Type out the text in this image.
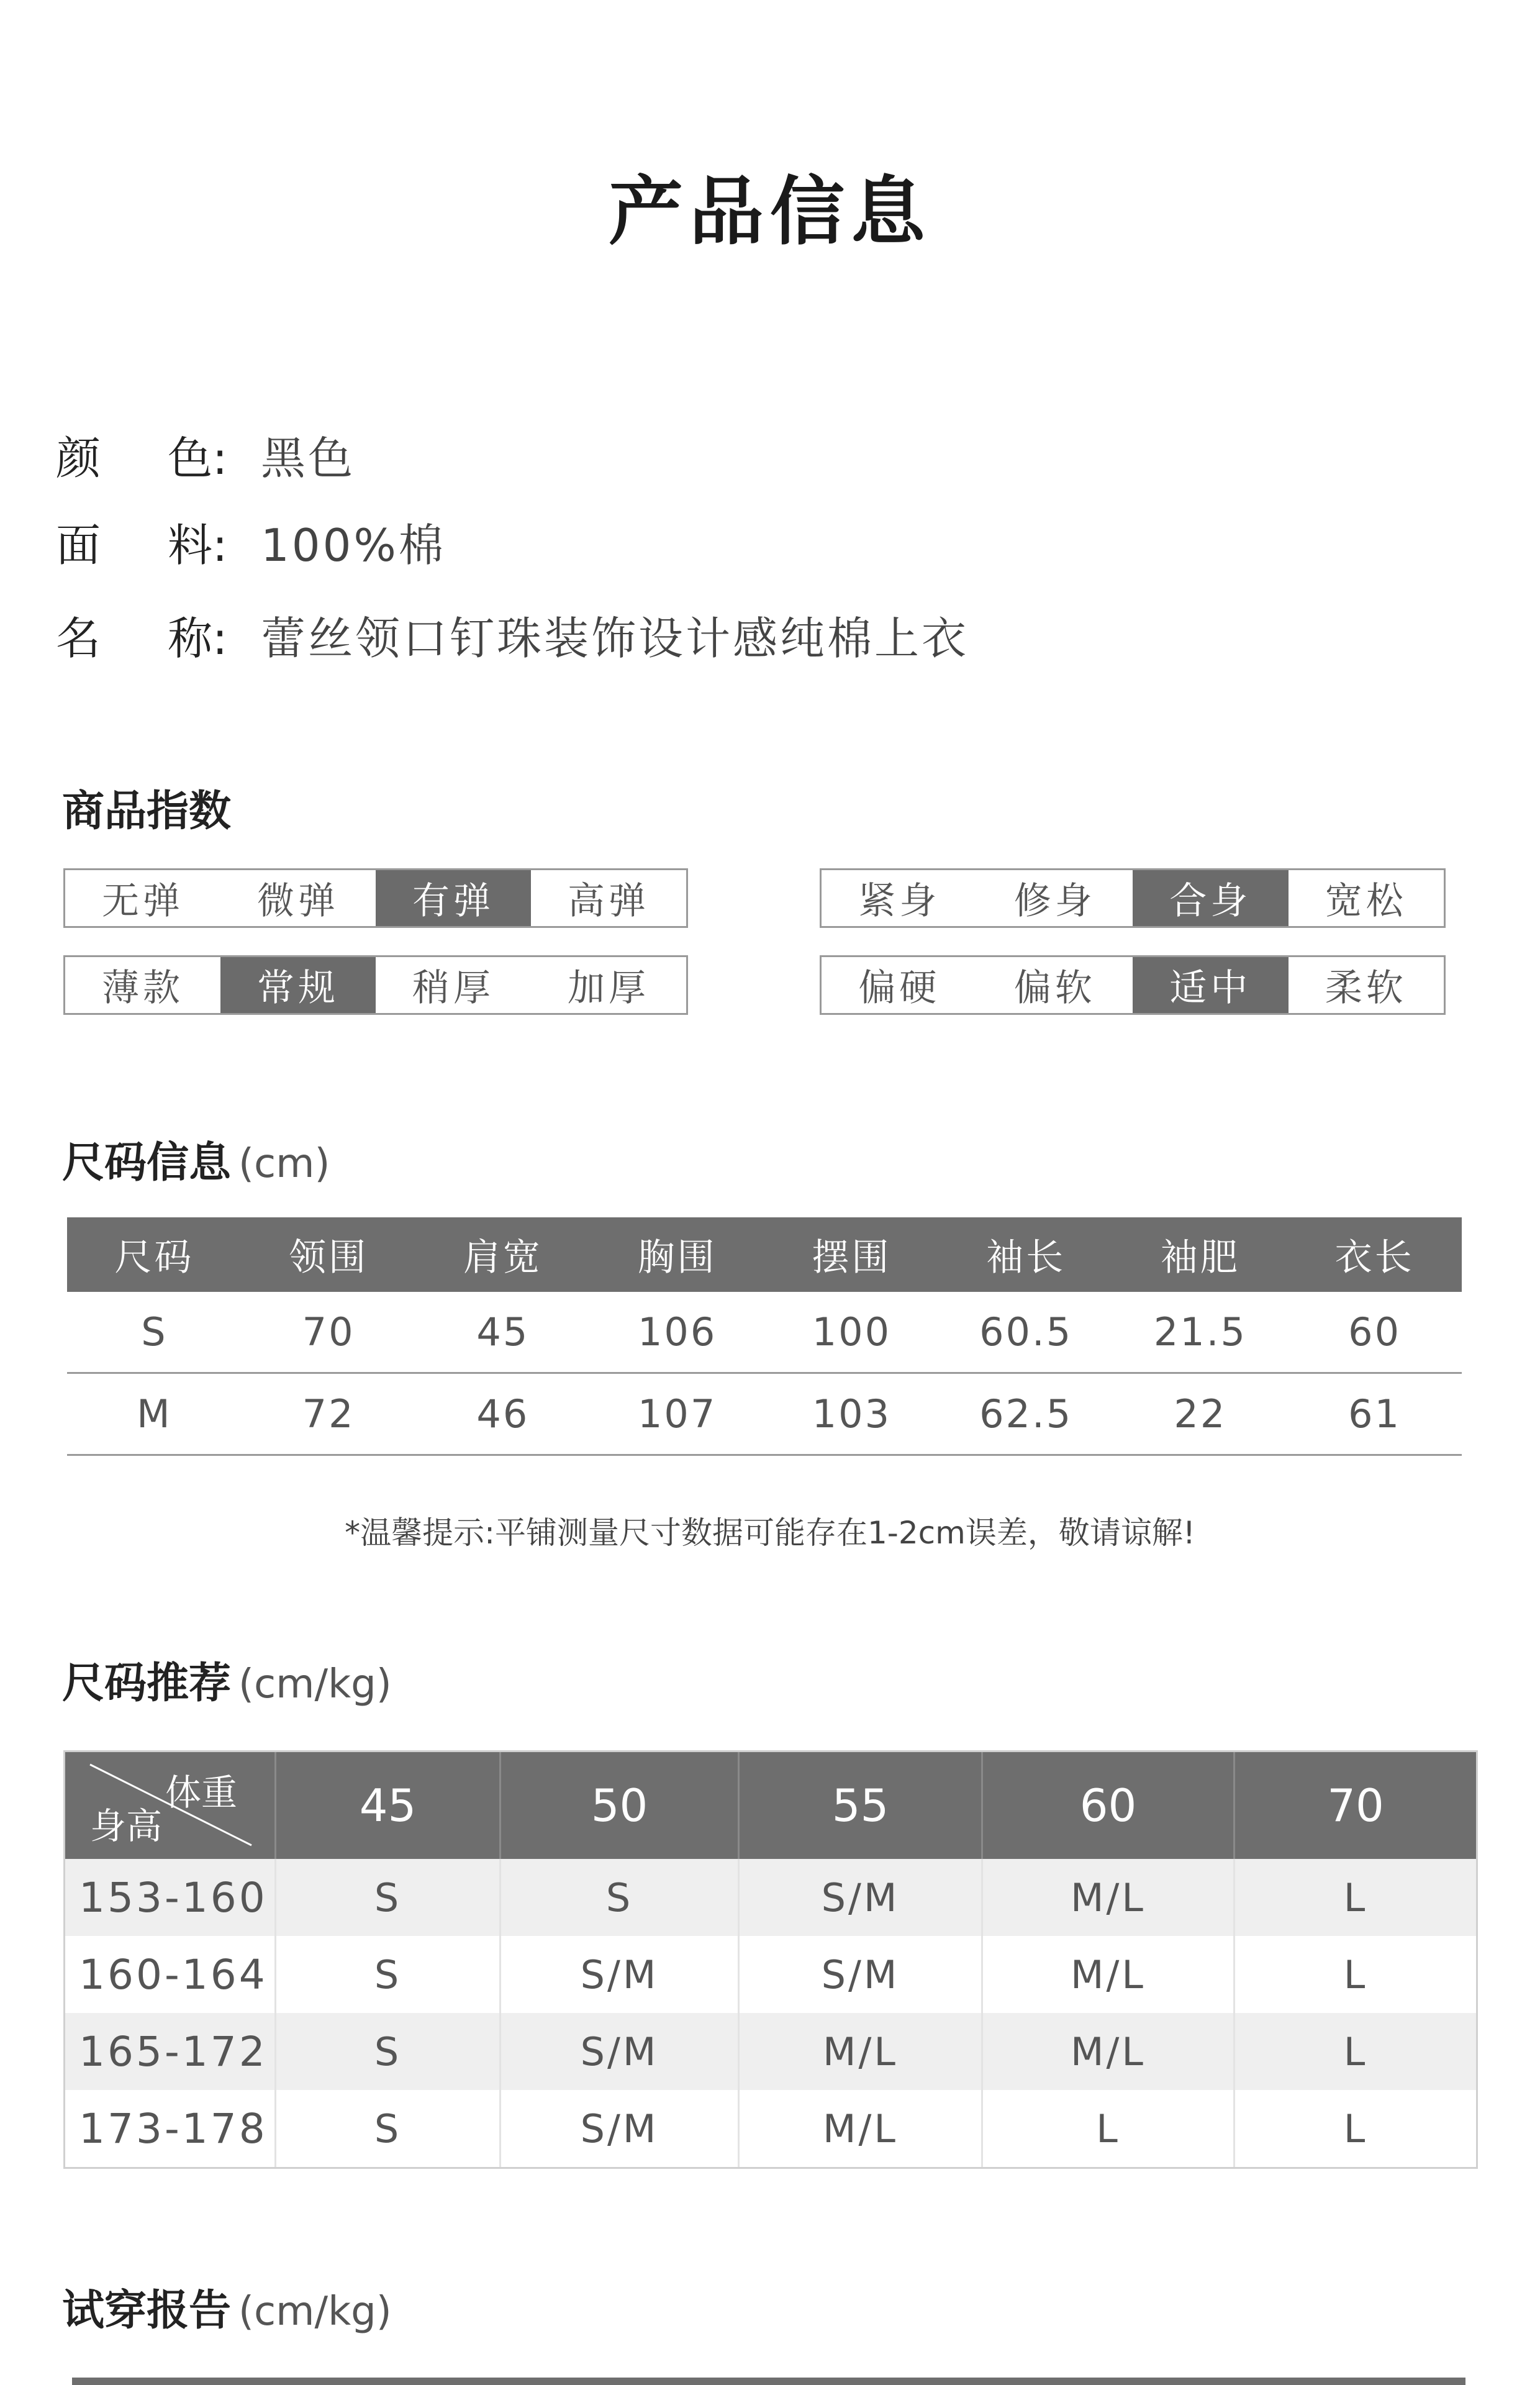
产品信息
颜 色: 黑色
面 料: 100%棉
名 称: 蕾丝领口钉珠装饰设计感纯棉上衣
商品指数
无弹	微弹	有弹	高弹	紧身	修身	合身	宽松
薄款	常规	稍厚	加厚	偏硬	偏软	适中	柔软
尺码信息 (cm)
尺码	领围	肩宽	胸围	摆围	袖长	袖肥	衣长
S	70	45	106	100	60.5	21.5	60
M	72	46	107	103	62.5	22	61
*温馨提示:平铺测量尺寸数据可能存在1-2cm误差，敬请谅解!
尺码推荐 (cm/kg)
体重
身高	45	50	55	60	70
153-160	S	S	S/M	M/L	L
160-164	S	S/M	S/M	M/L	L
165-172	S	S/M	M/L	M/L	L
173-178	S	S/M	M/L	L	L
试穿报告 (cm/kg)
